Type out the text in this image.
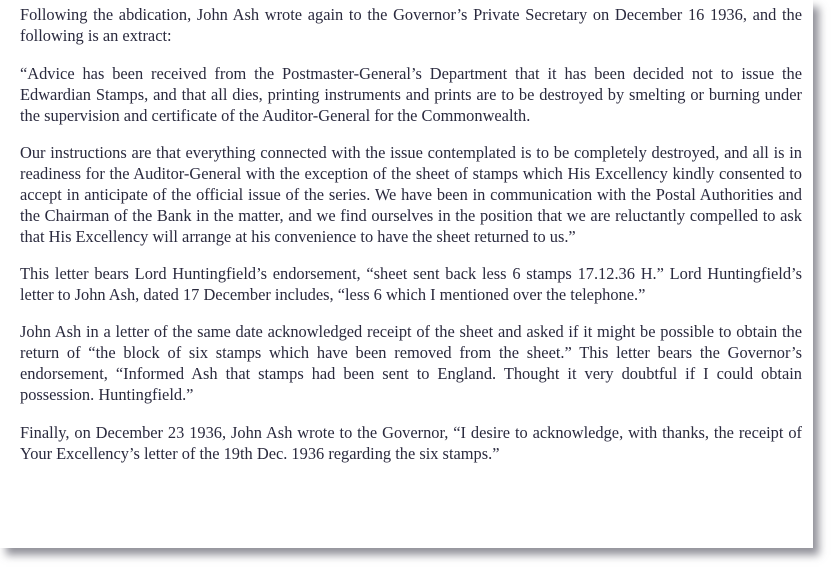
Following the abdication, John Ash wrote again to the Governor’s Private Secretary on December 16 1936, and the following is an extract:

“Advice has been received from the Postmaster-General’s Department that it has been decided not to issue the Edwardian Stamps, and that all dies, printing instruments and prints are to be destroyed by smelting or burning under the supervision and certificate of the Auditor-General for the Commonwealth.

Our instructions are that everything connected with the issue contemplated is to be completely destroyed, and all is in readiness for the Auditor-General with the exception of the sheet of stamps which His Excellency kindly consented to accept in anticipate of the official issue of the series. We have been in communication with the Postal Authorities and the Chairman of the Bank in the matter, and we find ourselves in the position that we are reluctantly compelled to ask that His Excellency will arrange at his convenience to have the sheet returned to us.”

This letter bears Lord Huntingfield’s endorsement, “sheet sent back less 6 stamps 17.12.36 H.” Lord Huntingfield’s letter to John Ash, dated 17 December includes, “less 6 which I mentioned over the telephone.”

John Ash in a letter of the same date acknowledged receipt of the sheet and asked if it might be possible to obtain the return of “the block of six stamps which have been removed from the sheet.” This letter bears the Governor’s endorsement, “Informed Ash that stamps had been sent to England. Thought it very doubtful if I could obtain possession. Huntingfield.”

Finally, on December 23 1936, John Ash wrote to the Governor, “I desire to acknowledge, with thanks, the receipt of Your Excellency’s letter of the 19th Dec. 1936 regarding the six stamps.”
